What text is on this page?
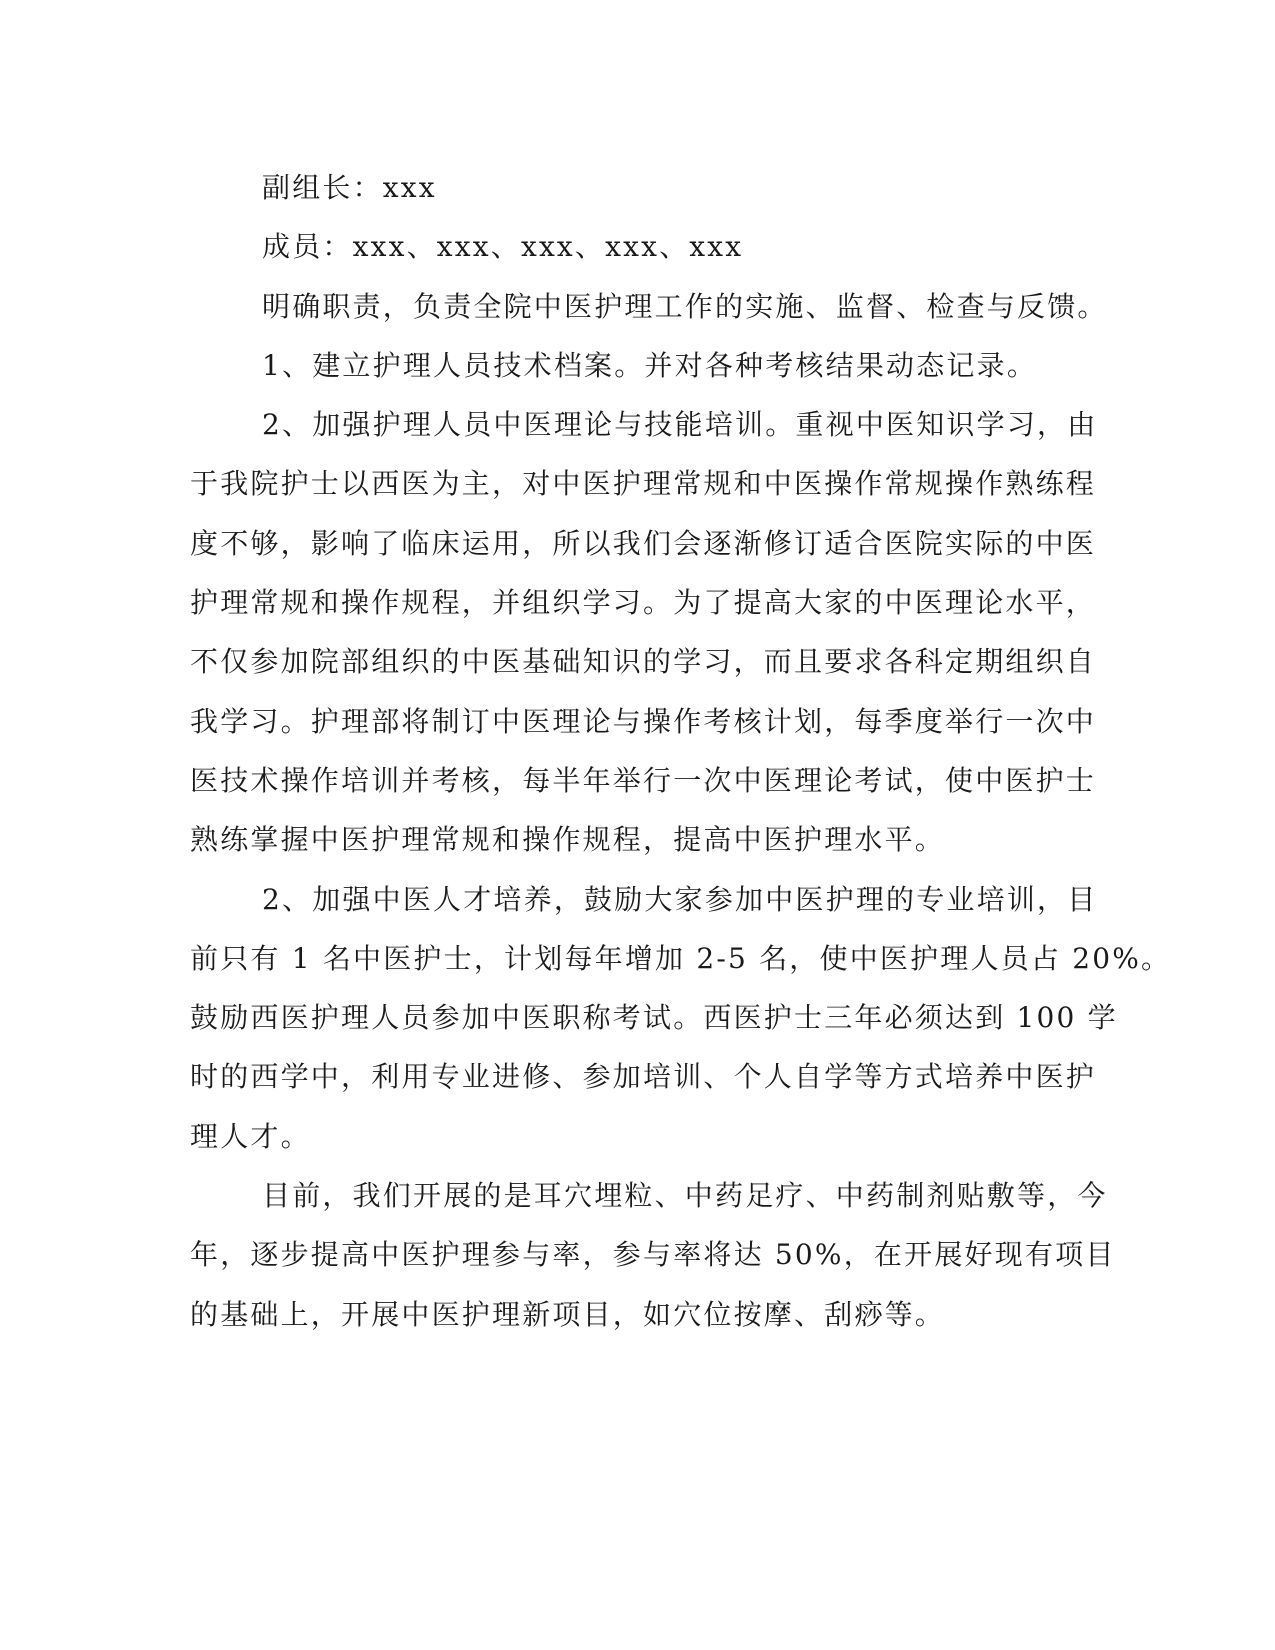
副组长：xxx
成员：xxx、xxx、xxx、xxx、xxx
明确职责，负责全院中医护理工作的实施、监督、检查与反馈。
1、建立护理人员技术档案。并对各种考核结果动态记录。
2、加强护理人员中医理论与技能培训。重视中医知识学习，由
于我院护士以西医为主，对中医护理常规和中医操作常规操作熟练程
度不够，影响了临床运用，所以我们会逐渐修订适合医院实际的中医
护理常规和操作规程，并组织学习。为了提高大家的中医理论水平，
不仅参加院部组织的中医基础知识的学习，而且要求各科定期组织自
我学习。护理部将制订中医理论与操作考核计划，每季度举行一次中
医技术操作培训并考核，每半年举行一次中医理论考试，使中医护士
熟练掌握中医护理常规和操作规程，提高中医护理水平。
2、加强中医人才培养，鼓励大家参加中医护理的专业培训，目
前只有 1 名中医护士，计划每年增加 2-5 名，使中医护理人员占 20%。
鼓励西医护理人员参加中医职称考试。西医护士三年必须达到 100 学
时的西学中，利用专业进修、参加培训、个人自学等方式培养中医护
理人才。
目前，我们开展的是耳穴埋粒、中药足疗、中药制剂贴敷等，今
年，逐步提高中医护理参与率，参与率将达 50%，在开展好现有项目
的基础上，开展中医护理新项目，如穴位按摩、刮痧等。
